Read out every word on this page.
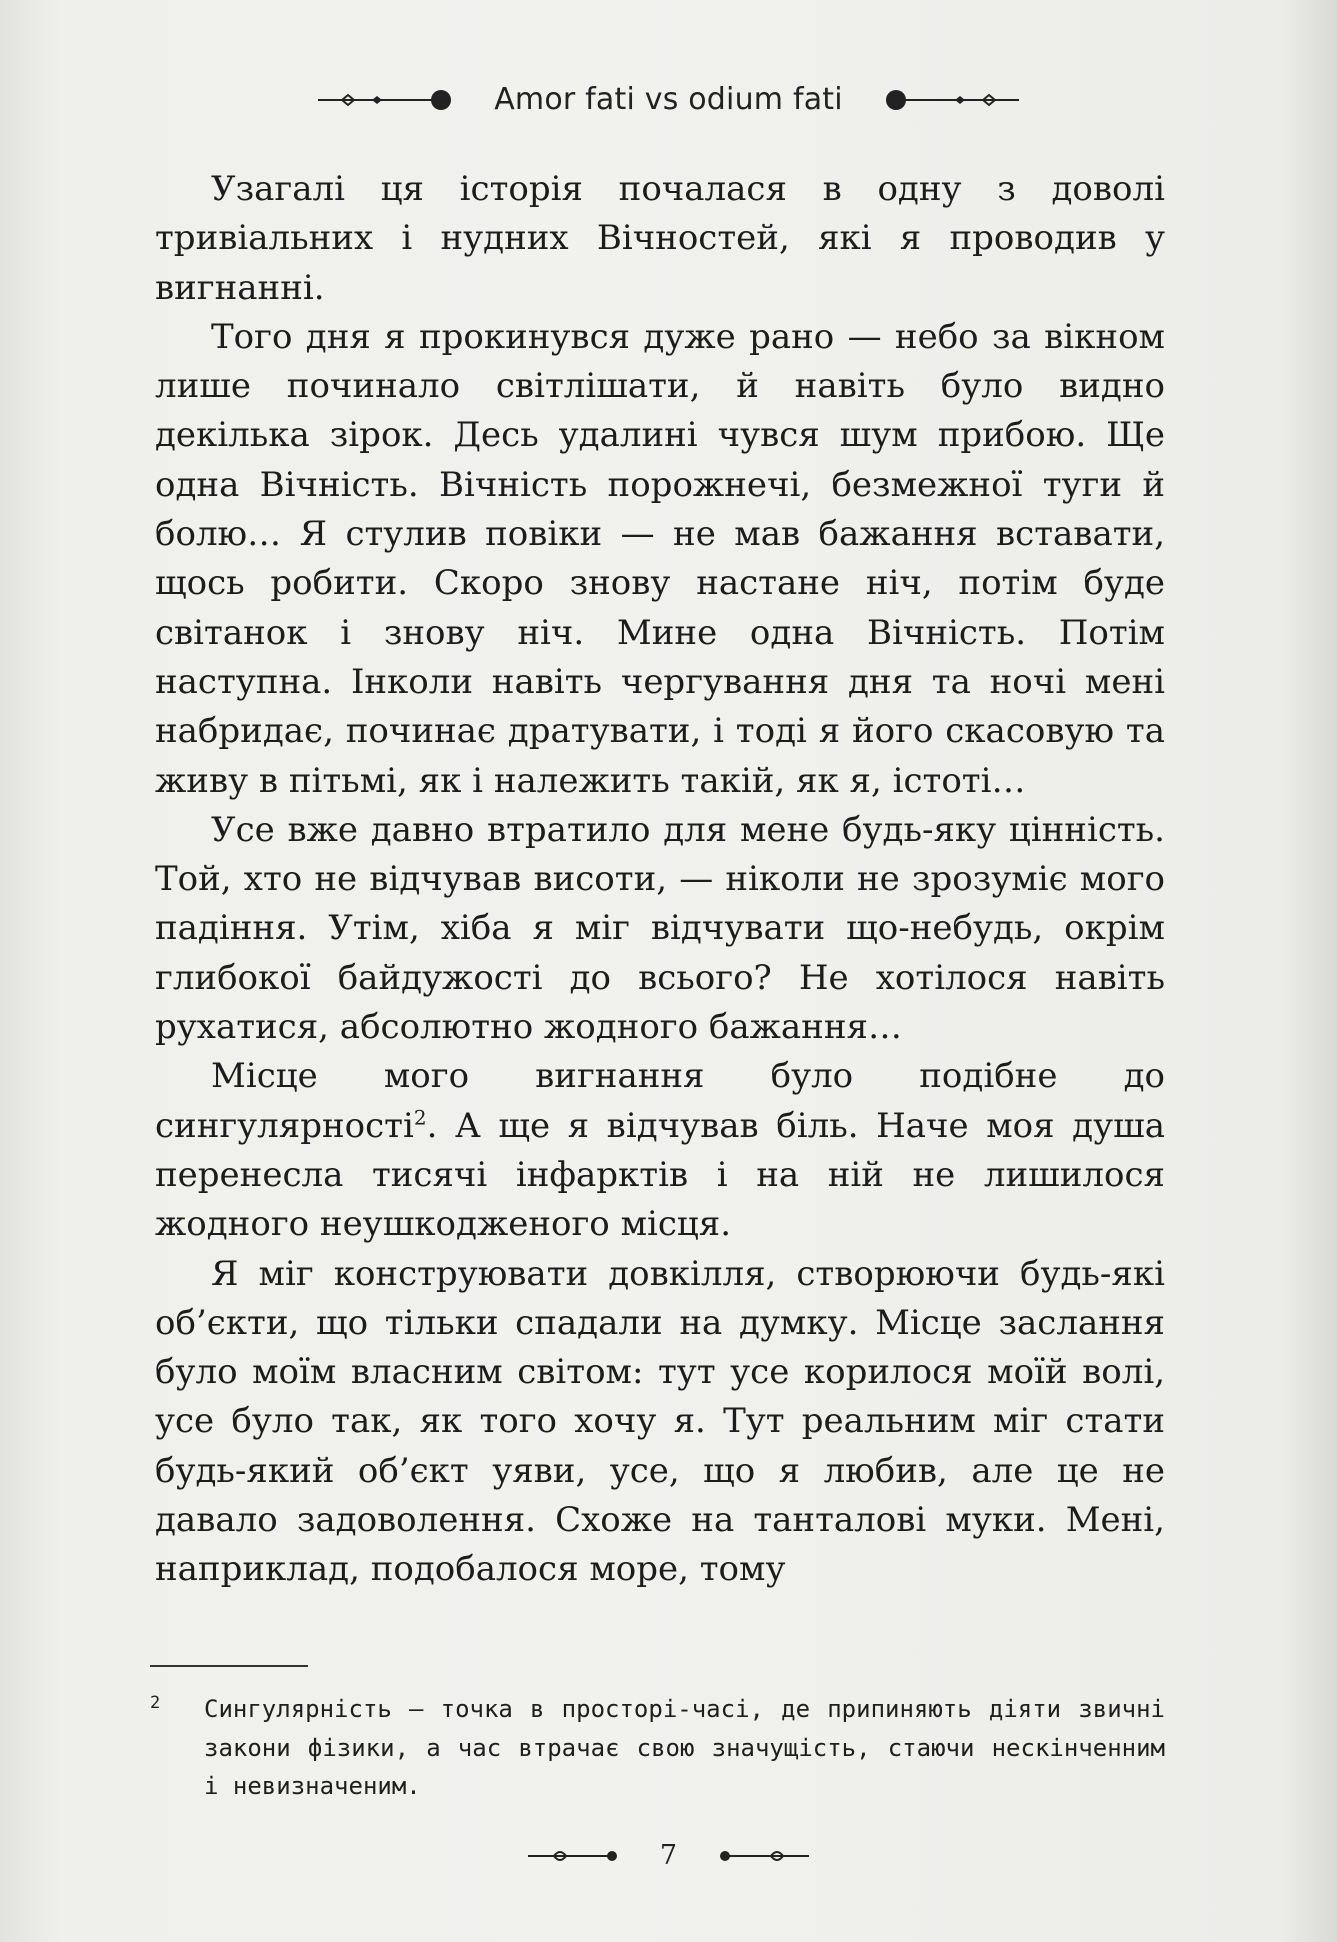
Amor fati vs odium fati

Узагалі ця історія почалася в одну з доволі тривіальних і нудних Вічностей, які я проводив у вигнанні.

Того дня я прокинувся дуже рано — небо за вікном лише починало світлішати, й навіть було видно декілька зірок. Десь удалині чувся шум прибою. Ще одна Вічність. Вічність порожнечі, безмежної туги й болю… Я стулив повіки — не мав бажання вставати, щось робити. Скоро знову настане ніч, потім буде світанок і знову ніч. Мине одна Вічність. Потім наступна. Інколи навіть чергування дня та ночі мені набридає, починає дратувати, і тоді я його скасовую та живу в пітьмі, як і належить такій, як я, істоті…

Усе вже давно втратило для мене будь-яку цінність. Той, хто не відчував висоти, — ніколи не зрозуміє мого падіння. Утім, хіба я міг відчувати що-небудь, окрім глибокої байдужості до всього? Не хотілося навіть рухатися, абсолютно жодного бажання…

Місце мого вигнання було подібне до сингулярності$^2$. А ще я відчував біль. Наче моя душа перенесла тисячі інфарктів і на ній не лишилося жодного неушкодженого місця.

Я міг конструювати довкілля, створюючи будь-які об’єкти, що тільки спадали на думку. Місце заслання було моїм власним світом: тут усе корилося моїй волі, усе було так, як того хочу я. Тут реальним міг стати будь-який об’єкт уяви, усе, що я любив, але це не давало задоволення. Схоже на танталові муки. Мені, наприклад, подобалося море, тому

2	Сингулярність — точка в просторі-часі, де припиняють діяти звичні закони фізики, а час втрачає свою значущість, стаючи нескінченним і невизначеним.
7
